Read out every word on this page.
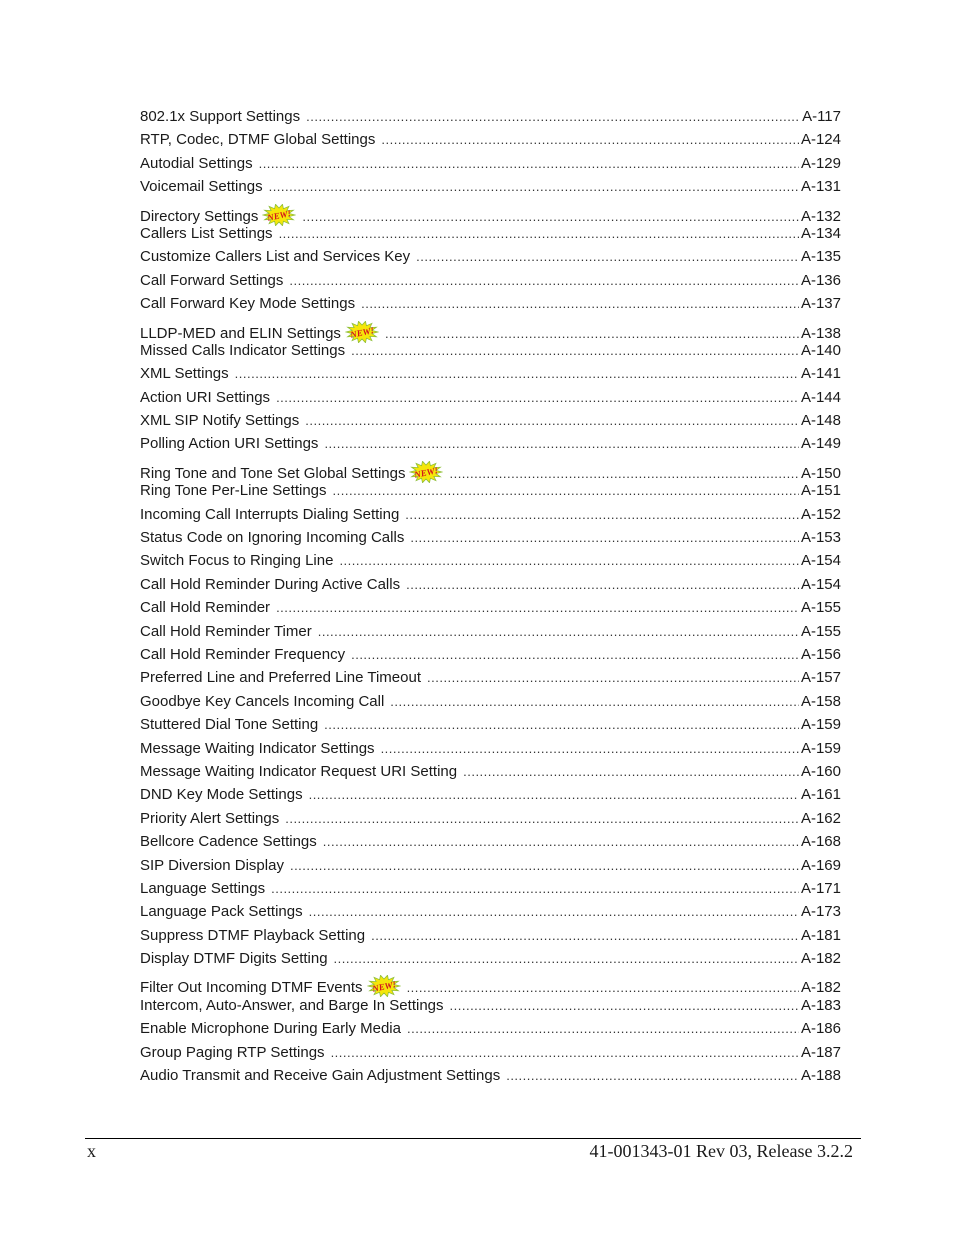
802.1x Support Settings .....	A-117
RTP, Codec, DTMF Global Settings .....	A-124
Autodial Settings .....	A-129
Voicemail Settings .....	A-131
Directory Settings NEW! .....	A-132
Callers List Settings .....	A-134
Customize Callers List and Services Key .....	A-135
Call Forward Settings .....	A-136
Call Forward Key Mode Settings .....	A-137
LLDP-MED and ELIN Settings NEW! .....	A-138
Missed Calls Indicator Settings .....	A-140
XML Settings .....	A-141
Action URI Settings .....	A-144
XML SIP Notify Settings .....	A-148
Polling Action URI Settings .....	A-149
Ring Tone and Tone Set Global Settings NEW! .....	A-150
Ring Tone Per-Line Settings .....	A-151
Incoming Call Interrupts Dialing Setting .....	A-152
Status Code on Ignoring Incoming Calls .....	A-153
Switch Focus to Ringing Line .....	A-154
Call Hold Reminder During Active Calls .....	A-154
Call Hold Reminder .....	A-155
Call Hold Reminder Timer .....	A-155
Call Hold Reminder Frequency .....	A-156
Preferred Line and Preferred Line Timeout .....	A-157
Goodbye Key Cancels Incoming Call .....	A-158
Stuttered Dial Tone Setting .....	A-159
Message Waiting Indicator Settings .....	A-159
Message Waiting Indicator Request URI Setting .....	A-160
DND Key Mode Settings .....	A-161
Priority Alert Settings .....	A-162
Bellcore Cadence Settings .....	A-168
SIP Diversion Display .....	A-169
Language Settings .....	A-171
Language Pack Settings .....	A-173
Suppress DTMF Playback Setting .....	A-181
Display DTMF Digits Setting .....	A-182
Filter Out Incoming DTMF Events NEW! .....	A-182
Intercom, Auto-Answer, and Barge In Settings .....	A-183
Enable Microphone During Early Media .....	A-186
Group Paging RTP Settings .....	A-187
Audio Transmit and Receive Gain Adjustment Settings .....	A-188
x	41-001343-01 Rev 03, Release 3.2.2
